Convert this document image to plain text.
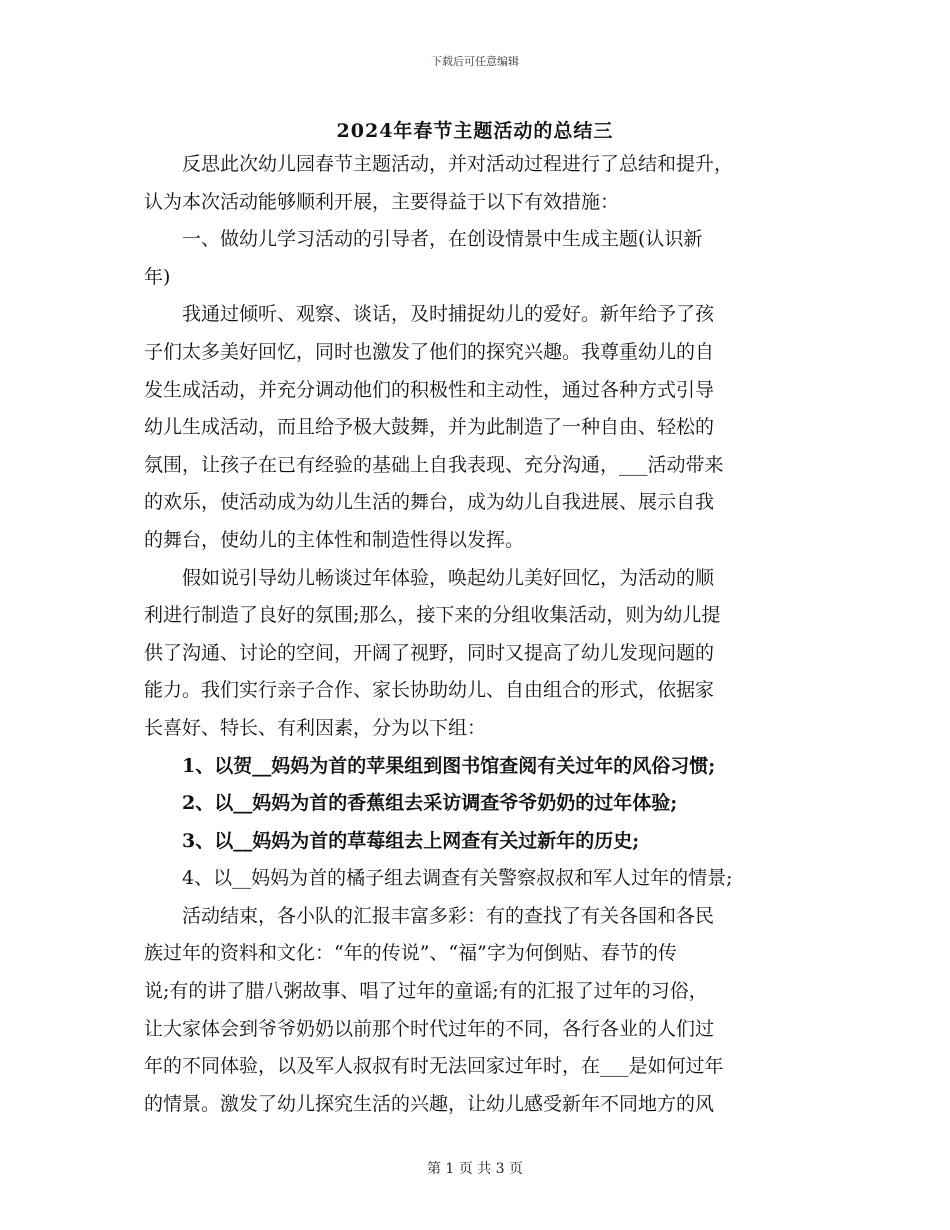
下载后可任意编辑
2024年春节主题活动的总结三
　　反思此次幼儿园春节主题活动，并对活动过程进行了总结和提升，
认为本次活动能够顺利开展，主要得益于以下有效措施：
　　一、做幼儿学习活动的引导者，在创设情景中生成主题(认识新
年)
　　我通过倾听、观察、谈话，及时捕捉幼儿的爱好。新年给予了孩
子们太多美好回忆，同时也激发了他们的探究兴趣。我尊重幼儿的自
发生成活动，并充分调动他们的积极性和主动性，通过各种方式引导
幼儿生成活动，而且给予极大鼓舞，并为此制造了一种自由、轻松的
氛围，让孩子在已有经验的基础上自我表现、充分沟通，___活动带来
的欢乐，使活动成为幼儿生活的舞台，成为幼儿自我进展、展示自我
的舞台，使幼儿的主体性和制造性得以发挥。
　　假如说引导幼儿畅谈过年体验，唤起幼儿美好回忆，为活动的顺
利进行制造了良好的氛围;那么，接下来的分组收集活动，则为幼儿提
供了沟通、讨论的空间，开阔了视野，同时又提高了幼儿发现问题的
能力。我们实行亲子合作、家长协助幼儿、自由组合的形式，依据家
长喜好、特长、有利因素，分为以下组：
　　1、以贺__妈妈为首的苹果组到图书馆查阅有关过年的风俗习惯;
　　2、以__妈妈为首的香蕉组去采访调查爷爷奶奶的过年体验;
　　3、以__妈妈为首的草莓组去上网查有关过新年的历史;
　　4、以__妈妈为首的橘子组去调查有关警察叔叔和军人过年的情景;
　　活动结束，各小队的汇报丰富多彩：有的查找了有关各国和各民
族过年的资料和文化：“年的传说”、“福”字为何倒贴、春节的传
说;有的讲了腊八粥故事、唱了过年的童谣;有的汇报了过年的习俗，
让大家体会到爷爷奶奶以前那个时代过年的不同，各行各业的人们过
年的不同体验，以及军人叔叔有时无法回家过年时，在___是如何过年
的情景。激发了幼儿探究生活的兴趣，让幼儿感受新年不同地方的风
第 1 页 共 3 页
